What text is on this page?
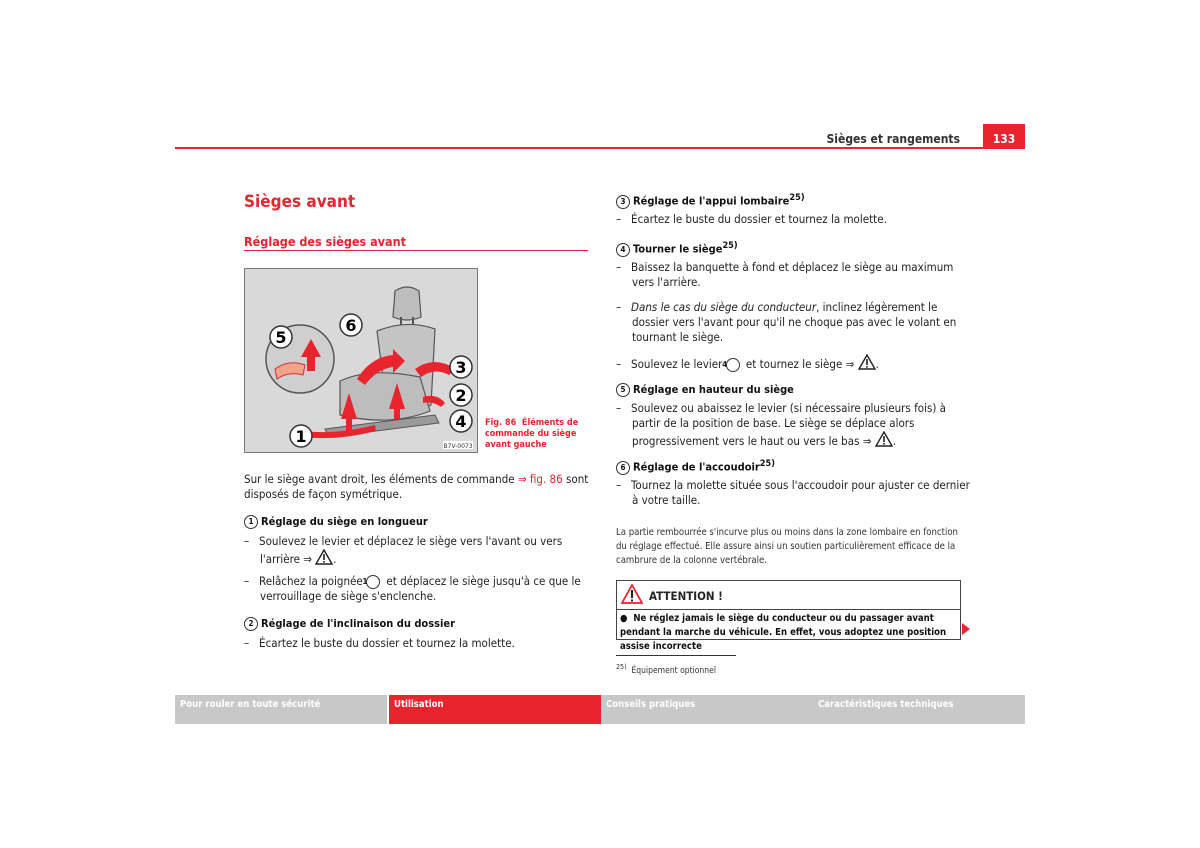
Sièges et rangements	133
Sièges avant
Réglage des sièges avant
1
2
3
4
5
6
B7V-0073
Fig. 86 Éléments de commande du siège avant gauche
Sur le siège avant droit, les éléments de commande ⇒ fig. 86 sont disposés de façon symétrique.
1 Réglage du siège en longueur
–   Soulevez le levier et déplacez le siège vers l'avant ou vers l'arrière ⇒ .
–   Relâchez la poignée 1 et déplacez le siège jusqu'à ce que le verrouillage de siège s'enclenche.
2 Réglage de l'inclinaison du dossier
–   Écartez le buste du dossier et tournez la molette.
3 Réglage de l'appui lombaire$^{25)}$
–   Écartez le buste du dossier et tournez la molette.
4 Tourner le siège$^{25)}$
–   Baissez la banquette à fond et déplacez le siège au maximum vers l'arrière.
–   Dans le cas du siège du conducteur, inclinez légèrement le dossier vers l'avant pour qu'il ne choque pas avec le volant en tournant le siège.
–   Soulevez le levier 4 et tournez le siège ⇒ .
5 Réglage en hauteur du siège
–   Soulevez ou abaissez le levier (si nécessaire plusieurs fois) à partir de la position de base. Le siège se déplace alors progressivement vers le haut ou vers le bas ⇒ .
6 Réglage de l'accoudoir$^{25)}$
–   Tournez la molette située sous l'accoudoir pour ajuster ce dernier à votre taille.
La partie rembourrée s'incurve plus ou moins dans la zone lombaire en fonction du réglage effectué. Elle assure ainsi un soutien particulièrement efficace de la cambrure de la colonne vertébrale.
ATTENTION !
●  Ne réglez jamais le siège du conducteur ou du passager avant pendant la marche du véhicule. En effet, vous adoptez une position assise incorrecte
$^{25)}$ Équipement optionnel
Pour rouler en toute sécurité	Utilisation	Conseils pratiques	Caractéristiques techniques
